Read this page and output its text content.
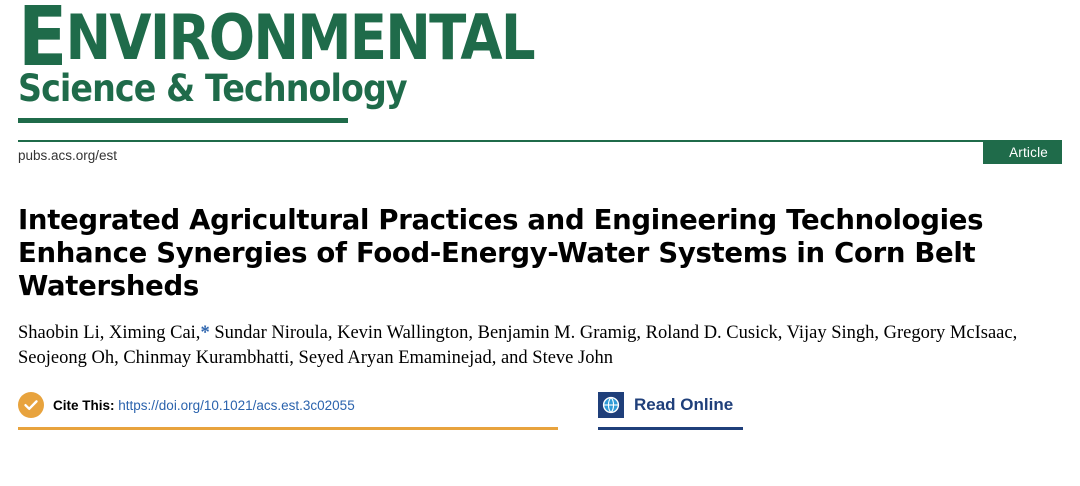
ENVIRONMENTAL
Science & Technology
pubs.acs.org/est	Article
Integrated Agricultural Practices and Engineering Technologies Enhance Synergies of Food-Energy-Water Systems in Corn Belt Watersheds
Shaobin Li, Ximing Cai,* Sundar Niroula, Kevin Wallington, Benjamin M. Gramig, Roland D. Cusick, Vijay Singh, Gregory McIsaac, Seojeong Oh, Chinmay Kurambhatti, Seyed Aryan Emaminejad, and Steve John
Cite This: https://doi.org/10.1021/acs.est.3c02055	Read Online
